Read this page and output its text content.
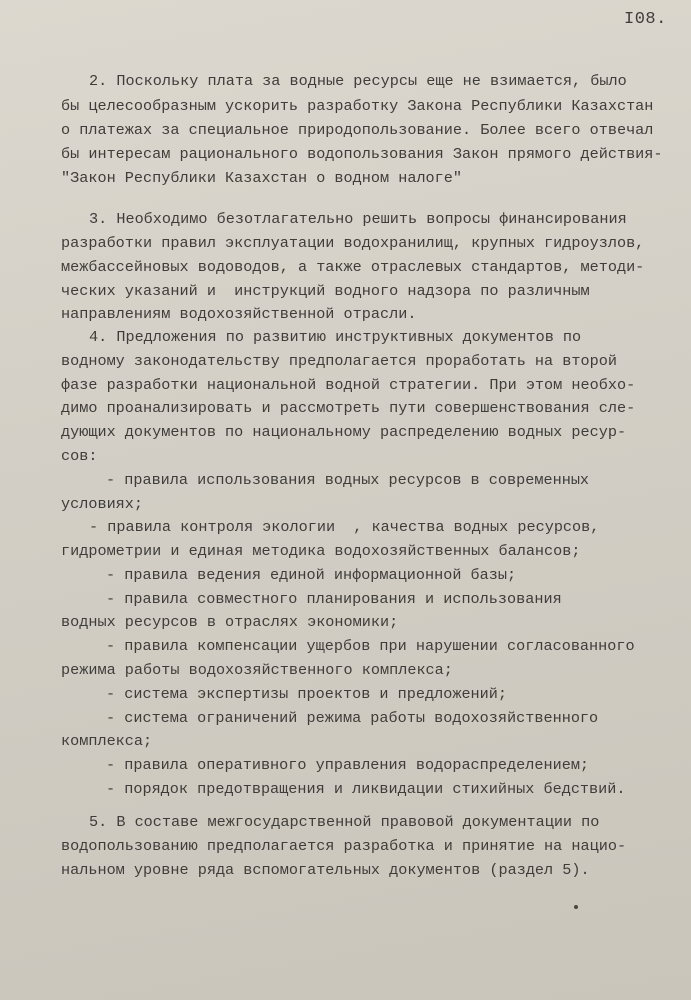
I08.
2. Поскольку плата за водные ресурсы еще не взимается, было
бы целесообразным ускорить разработку Закона Республики Казахстан
о платежах за специальное природопользование. Более всего отвечал
бы интересам рационального водопользования Закон прямого действия-
"Закон Республики Казахстан о водном налоге"
3. Необходимо безотлагательно решить вопросы финансирования
разработки правил эксплуатации водохранилищ, крупных гидроузлов,
межбассейновых водоводов, а также отраслевых стандартов, методи-
ческих указаний и  инструкций водного надзора по различным
направлениям водохозяйственной отрасли.
4. Предложения по развитию инструктивных документов по
водному законодательству предполагается проработать на второй
фазе разработки национальной водной стратегии. При этом необхо-
димо проанализировать и рассмотреть пути совершенствования сле-
дующих документов по национальному распределению водных ресур-
сов:
- правила использования водных ресурсов в современных
условиях;
- правила контроля экологии  , качества водных ресурсов,
гидрометрии и единая методика водохозяйственных балансов;
- правила ведения единой информационной базы;
- правила совместного планирования и использования
водных ресурсов в отраслях экономики;
- правила компенсации ущербов при нарушении согласованного
режима работы водохозяйственного комплекса;
- система экспертизы проектов и предложений;
- система ограничений режима работы водохозяйственного
комплекса;
- правила оперативного управления водораспределением;
- порядок предотвращения и ликвидации стихийных бедствий.
5. В составе межгосударственной правовой документации по
водопользованию предполагается разработка и принятие на нацио-
нальном уровне ряда вспомогательных документов (раздел 5).
